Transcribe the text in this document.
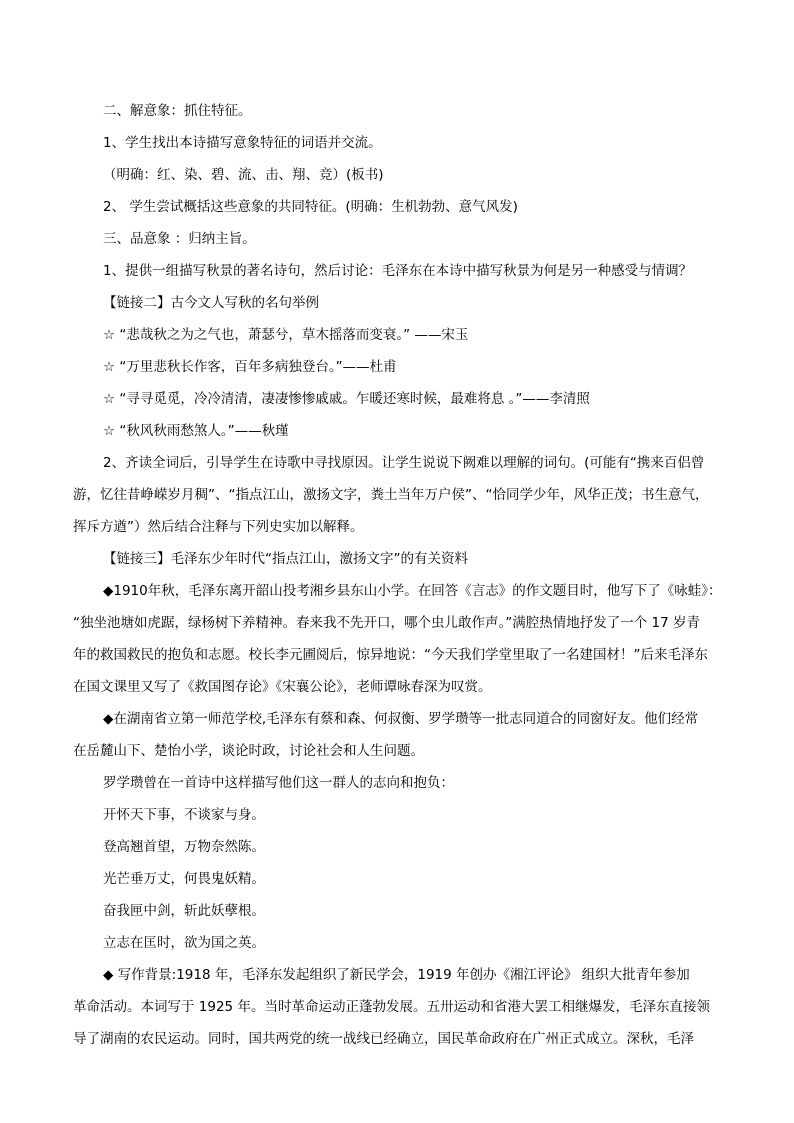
二、解意象：抓住特征。
1、学生找出本诗描写意象特征的词语并交流。
（明确：红、染、碧、流、击、翔、竞）(板书)
2、 学生尝试概括这些意象的共同特征。(明确：生机勃勃、意气风发)
三、品意象 ：归纳主旨。
1、提供一组描写秋景的著名诗句，然后讨论：毛泽东在本诗中描写秋景为何是另一种感受与情调？
【链接二】古今文人写秋的名句举例
☆ “悲哉秋之为之气也，萧瑟兮，草木摇落而变衰。” ——宋玉
☆ “万里悲秋长作客，百年多病独登台。”——杜甫
☆ “寻寻觅觅，冷冷清清，凄凄惨惨戚戚。乍暖还寒时候，最难将息 。”——李清照
☆ “秋风秋雨愁煞人。”——秋瑾
2、齐读全词后，引导学生在诗歌中寻找原因。让学生说说下阙难以理解的词句。(可能有“携来百侣曾
游，忆往昔峥嵘岁月稠”、“指点江山，激扬文字，粪土当年万户侯”、“恰同学少年，风华正茂；书生意气，
挥斥方遒”）然后结合注释与下列史实加以解释。
【链接三】毛泽东少年时代“指点江山，激扬文字”的有关资料
◆1910年秋，毛泽东离开韶山投考湘乡县东山小学。在回答《言志》的作文题目时，他写下了《咏蛙》：
“独坐池塘如虎踞，绿杨树下养精神。春来我不先开口，哪个虫儿敢作声。”满腔热情地抒发了一个 17 岁青
年的救国救民的抱负和志愿。校长李元圃阅后，惊异地说：“今天我们学堂里取了一名建国材！”后来毛泽东
在国文课里又写了《救国图存论》《宋襄公论》，老师谭咏春深为叹赏。
◆在湖南省立第一师范学校,毛泽东有蔡和森、何叔衡、罗学瓒等一批志同道合的同窗好友。他们经常
在岳麓山下、楚怡小学，谈论时政，讨论社会和人生问题。
罗学瓒曾在一首诗中这样描写他们这一群人的志向和抱负：
开怀天下事，不谈家与身。
登高翘首望，万物奈然陈。
光芒垂万丈，何畏鬼妖精。
奋我匣中剑，斩此妖孽根。
立志在匡时，欲为国之英。
◆ 写作背景:1918 年，毛泽东发起组织了新民学会，1919 年创办《湘江评论》 组织大批青年参加
革命活动。本词写于 1925 年。当时革命运动正蓬勃发展。五卅运动和省港大罢工相继爆发，毛泽东直接领
导了湖南的农民运动。同时，国共两党的统一战线已经确立，国民革命政府在广州正式成立。深秋，毛泽
